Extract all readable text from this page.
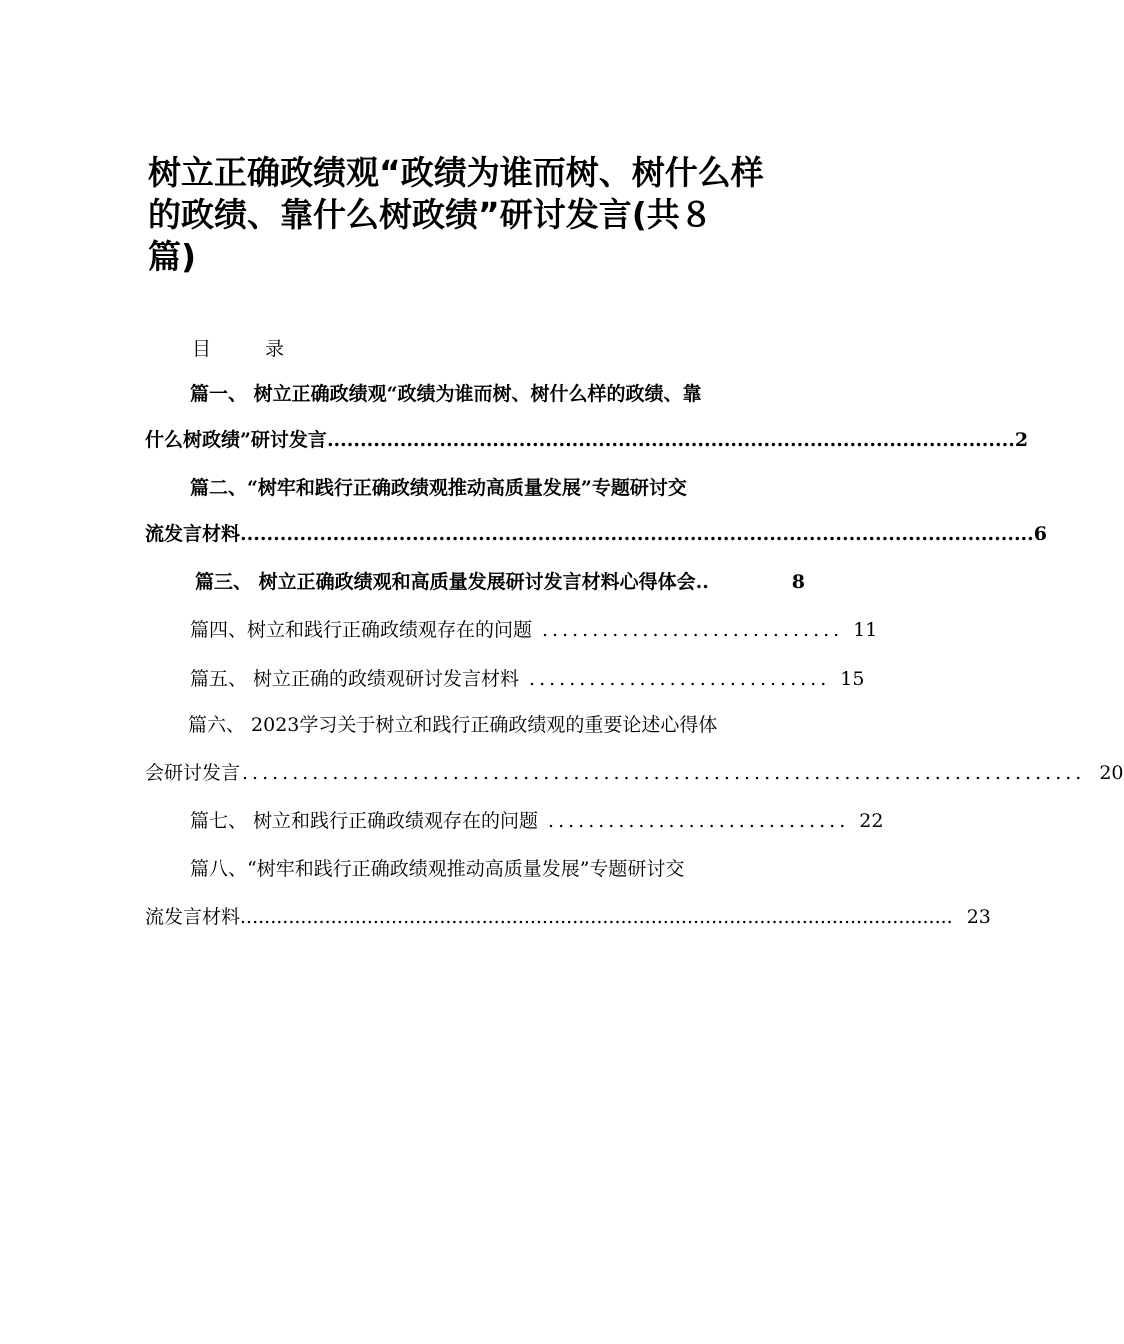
树立正确政绩观“政绩为谁而树、树什么样
的政绩、靠什么树政绩”研讨发言(共８
篇)
目 录
篇一、 树立正确政绩观“政绩为谁而树、树什么样的政绩、靠
什么树政绩”研讨发言 ........................................................................................................ 2
篇二、“树牢和践行正确政绩观推动高质量发展”专题研讨交
流发言材料 ........................................................................................................................ 6
篇三、 树立正确政绩观和高质量发展研讨发言材料心得体会 ..	8
篇四、树立和践行正确政绩观存在的问题 .............................. 11
篇五、 树立正确的政绩观研讨发言材料 .............................. 15
篇六、 2023学习关于树立和践行正确政绩观的重要论述心得体
会研讨发言 .................................................................................... 20
篇七、 树立和践行正确政绩观存在的问题 .............................. 22
篇八、“树牢和践行正确政绩观推动高质量发展”专题研讨交
流发言材料 ...................................................................................................................... 23
